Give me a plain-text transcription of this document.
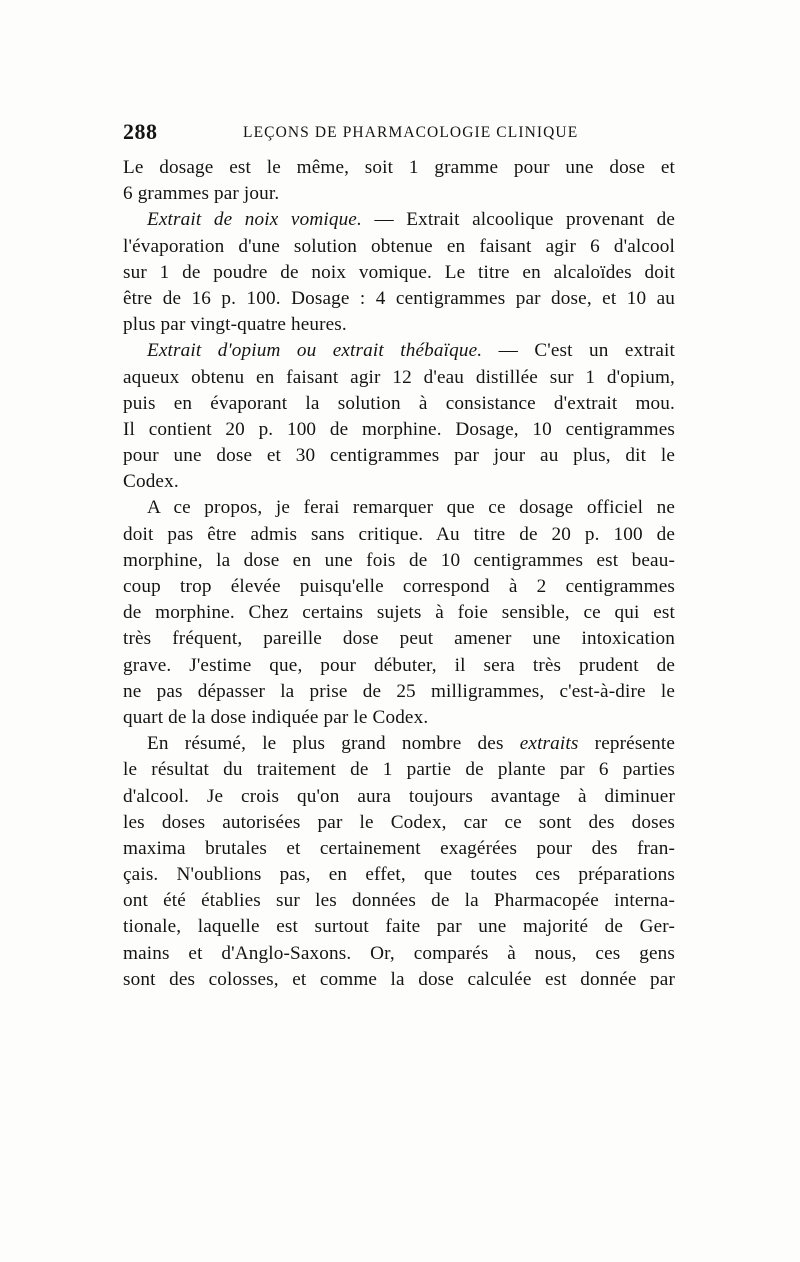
288	LEÇONS DE PHARMACOLOGIE CLINIQUE
Le dosage est le même, soit 1 gramme pour une dose et
6 grammes par jour.
Extrait de noix vomique. — Extrait alcoolique provenant de
l'évaporation d'une solution obtenue en faisant agir 6 d'alcool
sur 1 de poudre de noix vomique. Le titre en alcaloïdes doit
être de 16 p. 100. Dosage : 4 centigrammes par dose, et 10 au
plus par vingt-quatre heures.
Extrait d'opium ou extrait thébaïque. — C'est un extrait
aqueux obtenu en faisant agir 12 d'eau distillée sur 1 d'opium,
puis en évaporant la solution à consistance d'extrait mou.
Il contient 20 p. 100 de morphine. Dosage, 10 centigrammes
pour une dose et 30 centigrammes par jour au plus, dit le
Codex.
A ce propos, je ferai remarquer que ce dosage officiel ne
doit pas être admis sans critique. Au titre de 20 p. 100 de
morphine, la dose en une fois de 10 centigrammes est beau-
coup trop élevée puisqu'elle correspond à 2 centigrammes
de morphine. Chez certains sujets à foie sensible, ce qui est
très fréquent, pareille dose peut amener une intoxication
grave. J'estime que, pour débuter, il sera très prudent de
ne pas dépasser la prise de 25 milligrammes, c'est-à-dire le
quart de la dose indiquée par le Codex.
En résumé, le plus grand nombre des extraits représente
le résultat du traitement de 1 partie de plante par 6 parties
d'alcool. Je crois qu'on aura toujours avantage à diminuer
les doses autorisées par le Codex, car ce sont des doses
maxima brutales et certainement exagérées pour des fran-
çais. N'oublions pas, en effet, que toutes ces préparations
ont été établies sur les données de la Pharmacopée interna-
tionale, laquelle est surtout faite par une majorité de Ger-
mains et d'Anglo-Saxons. Or, comparés à nous, ces gens
sont des colosses, et comme la dose calculée est donnée par
